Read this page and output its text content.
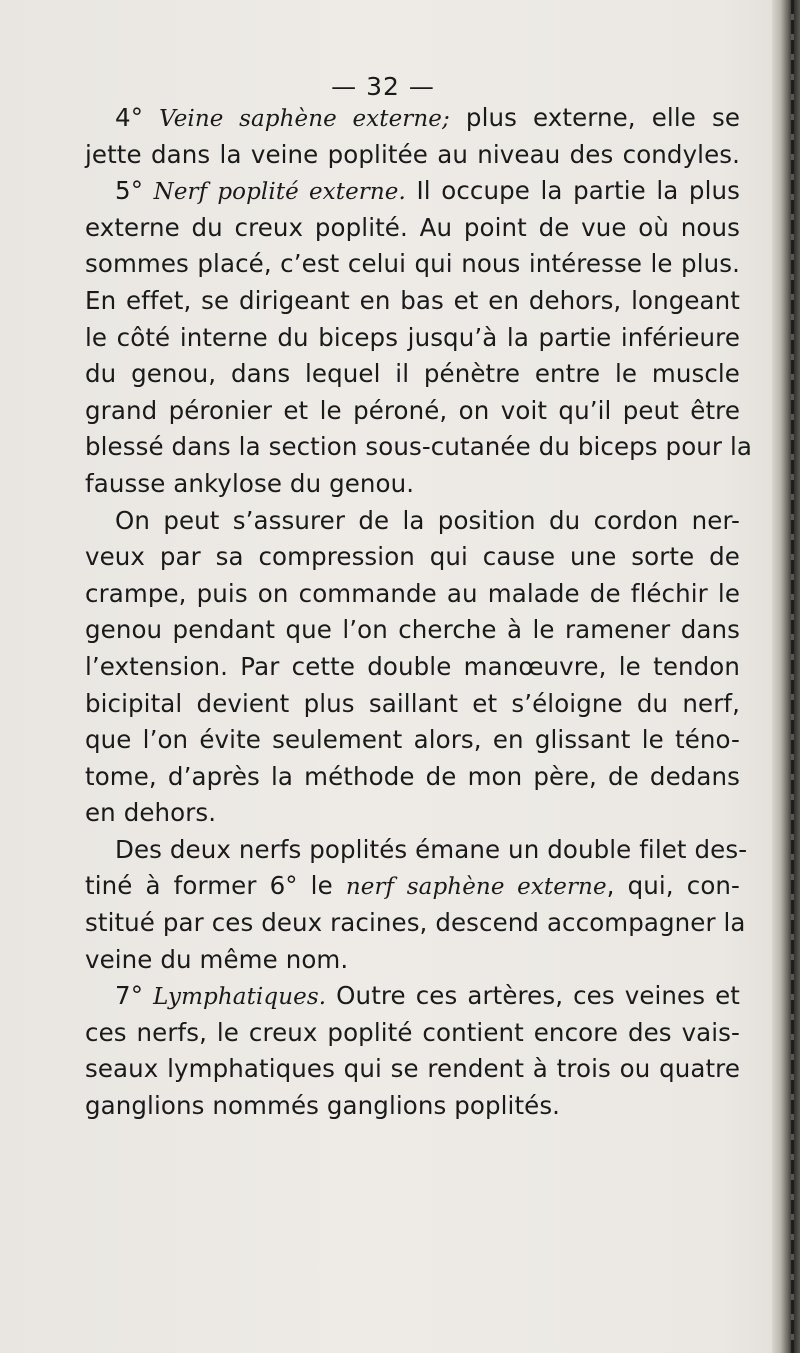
— 32 —
4° Veine saphène externe; plus externe, elle se
jette dans la veine poplitée au niveau des condyles.
5° Nerf poplité externe. Il occupe la partie la plus
externe du creux poplité. Au point de vue où nous
sommes placé, c’est celui qui nous intéresse le plus.
En effet, se dirigeant en bas et en dehors, longeant
le côté interne du biceps jusqu’à la partie inférieure
du genou, dans lequel il pénètre entre le muscle
grand péronier et le péroné, on voit qu’il peut être
blessé dans la section sous-cutanée du biceps pour la
fausse ankylose du genou.
On peut s’assurer de la position du cordon ner-
veux par sa compression qui cause une sorte de
crampe, puis on commande au malade de fléchir le
genou pendant que l’on cherche à le ramener dans
l’extension. Par cette double manœuvre, le tendon
bicipital devient plus saillant et s’éloigne du nerf,
que l’on évite seulement alors, en glissant le téno-
tome, d’après la méthode de mon père, de dedans
en dehors.
Des deux nerfs poplités émane un double filet des-
tiné à former 6° le nerf saphène externe, qui, con-
stitué par ces deux racines, descend accompagner la
veine du même nom.
7° Lymphatiques. Outre ces artères, ces veines et
ces nerfs, le creux poplité contient encore des vais-
seaux lymphatiques qui se rendent à trois ou quatre
ganglions nommés ganglions poplités.
